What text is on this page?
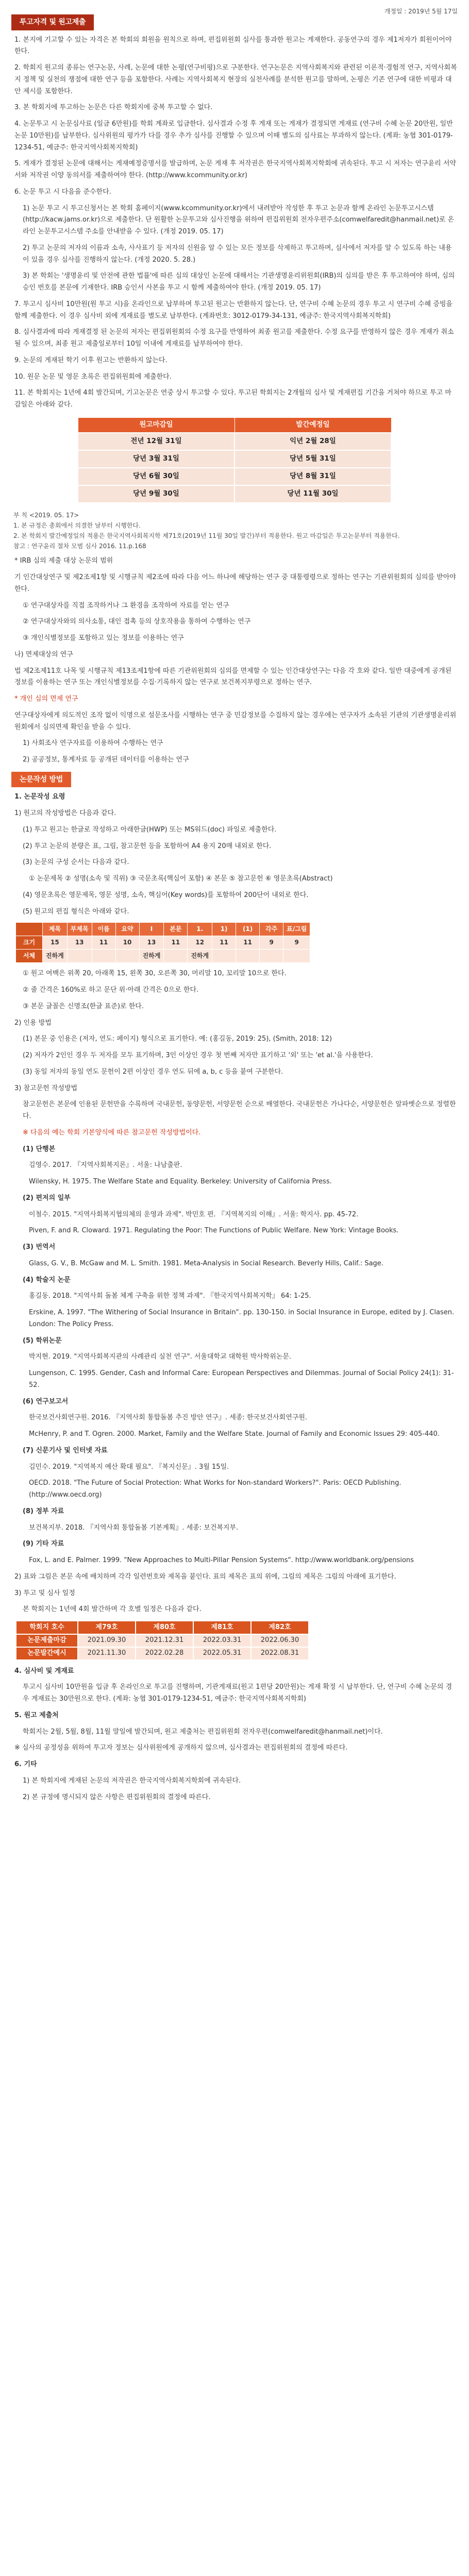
개정일 : 2019년 5월 17일
투고자격 및 원고제출
1. 본지에 기고할 수 있는 자격은 본 학회의 회원을 원칙으로 하며, 편집위원회 심사를 통과한 원고는 게재한다. 공동연구의 경우 제1저자가 회원이어야 한다.
2. 학회지 원고의 종류는 연구논문, 사례, 논문에 대한 논평(연구비평)으로 구분한다. 연구논문은 지역사회복지와 관련된 이론적·경험적 연구, 지역사회복지 정책 및 실천의 쟁점에 대한 연구 등을 포함한다. 사례는 지역사회복지 현장의 실천사례를 분석한 원고를 말하며, 논평은 기존 연구에 대한 비평과 대안 제시를 포함한다.
3. 본 학회지에 투고하는 논문은 다른 학회지에 중복 투고할 수 없다.
4. 논문투고 시 논문심사료 (일금 6만원)를 학회 계좌로 입금한다. 심사결과 수정 후 게재 또는 게재가 결정되면 게재료 (연구비 수혜 논문 20만원, 일반 논문 10만원)를 납부한다. 심사위원의 평가가 다를 경우 추가 심사를 진행할 수 있으며 이때 별도의 심사료는 부과하지 않는다. (계좌: 농협 301-0179-1234-51, 예금주: 한국지역사회복지학회)
5. 게재가 결정된 논문에 대해서는 게재예정증명서를 발급하며, 논문 게재 후 저작권은 한국지역사회복지학회에 귀속된다. 투고 시 저자는 연구윤리 서약서와 저작권 이양 동의서를 제출하여야 한다. (http://www.kcommunity.or.kr)
6. 논문 투고 시 다음을 준수한다.
1) 논문 투고 시 투고신청서는 본 학회 홈페이지(www.kcommunity.or.kr)에서 내려받아 작성한 후 투고 논문과 함께 온라인 논문투고시스템(http://kacw.jams.or.kr)으로 제출한다. 단 원활한 논문투고와 심사진행을 위하여 편집위원회 전자우편주소(comwelfaredit@hanmail.net)로 온라인 논문투고시스템 주소를 안내받을 수 있다. (개정 2019. 05. 17)
2) 투고 논문의 저자의 이름과 소속, 사사표기 등 저자의 신원을 알 수 있는 모든 정보를 삭제하고 투고하며, 심사에서 저자를 알 수 있도록 하는 내용이 있을 경우 심사를 진행하지 않는다. (개정 2020. 5. 28.)
3) 본 학회는 '생명윤리 및 안전에 관한 법률'에 따른 심의 대상인 논문에 대해서는 기관생명윤리위원회(IRB)의 심의를 받은 후 투고하여야 하며, 심의 승인 번호를 본문에 기재한다. IRB 승인서 사본을 투고 시 함께 제출하여야 한다. (개정 2019. 05. 17)
7. 투고시 심사비 10만원(원 투고 시)을 온라인으로 납부하며 투고된 원고는 반환하지 않는다. 단, 연구비 수혜 논문의 경우 투고 시 연구비 수혜 증빙을 함께 제출한다. 이 경우 심사비 외에 게재료를 별도로 납부한다. (계좌번호: 3012-0179-34-131, 예금주: 한국지역사회복지학회)
8. 심사결과에 따라 게재결정 된 논문의 저자는 편집위원회의 수정 요구를 반영하여 최종 원고를 제출한다. 수정 요구를 반영하지 않은 경우 게재가 취소될 수 있으며, 최종 원고 제출일로부터 10일 이내에 게재료를 납부하여야 한다.
9. 논문의 게재된 학기 이후 원고는 반환하지 않는다.
10. 원문 논문 및 영문 초록은 편집위원회에 제출한다.
11. 본 학회지는 1년에 4회 발간되며, 기고논문은 연중 상시 투고할 수 있다. 투고된 학회지는 2개월의 심사 및 게재편집 기간을 거쳐야 하므로 투고 마감일은 아래와 같다.
원고마감일	발간예정일
전년 12월 31일	익년 2월 28일
당년 3월 31일	당년 5월 31일
당년 6월 30일	당년 8월 31일
당년 9월 30일	당년 11월 30일
부 칙 <2019. 05. 17>
1. 본 규정은 총회에서 의결한 날부터 시행한다.
2. 본 학회지 발간예정일의 적용은 한국지역사회복지학 제71호(2019년 11월 30일 발간)부터 적용한다. 원고 마감일은 투고논문부터 적용한다.
참고 : 연구윤리 절차 모범 심사 2016. 11.p.168
* IRB 심의 제출 대상 논문의 범위
기 인간대상연구 및 제2조제1항 및 시행규칙 제2조에 따라 다음 어느 하나에 해당하는 연구 중 대통령령으로 정하는 연구는 기관위원회의 심의를 받아야 한다.
① 연구대상자를 직접 조작하거나 그 환경을 조작하여 자료를 얻는 연구
② 연구대상자와의 의사소통, 대인 접촉 등의 상호작용을 통하여 수행하는 연구
③ 개인식별정보를 포함하고 있는 정보를 이용하는 연구
나) 면제대상의 연구
법 제2조제11호 나목 및 시행규칙 제13조제1항에 따른 기관위원회의 심의를 면제할 수 있는 인간대상연구는 다음 각 호와 같다. 일반 대중에게 공개된 정보를 이용하는 연구 또는 개인식별정보를 수집·기록하지 않는 연구로 보건복지부령으로 정하는 연구.
* 개인 심의 면제 연구
연구대상자에게 의도적인 조작 없이 익명으로 설문조사를 시행하는 연구 중 민감정보를 수집하지 않는 경우에는 연구자가 소속된 기관의 기관생명윤리위원회에서 심의면제 확인을 받을 수 있다.
1) 사회조사 연구자료를 이용하여 수행하는 연구
2) 공공정보, 통계자료 등 공개된 데이터를 이용하는 연구
논문작성 방법
1. 논문작성 요령
1) 원고의 작성방법은 다음과 같다.
(1) 투고 원고는 한글로 작성하고 아래한글(HWP) 또는 MS워드(doc) 파일로 제출한다.
(2) 투고 논문의 분량은 표, 그림, 참고문헌 등을 포함하여 A4 용지 20매 내외로 한다.
(3) 논문의 구성 순서는 다음과 같다.
① 논문제목 ② 성명(소속 및 직위) ③ 국문초록(핵심어 포함) ④ 본문 ⑤ 참고문헌 ⑥ 영문초록(Abstract)
(4) 영문초록은 영문제목, 영문 성명, 소속, 핵심어(Key words)를 포함하여 200단어 내외로 한다.
(5) 원고의 편집 형식은 아래와 같다.
	제목	부제목	이름	요약	Ⅰ	본문	1.	1)	(1)	각주	표/그림
크기	15	13	11	10	13	11	12	11	11	9	9
서체	진하게				진하게		진하게				
① 원고 여백은 위쪽 20, 아래쪽 15, 왼쪽 30, 오른쪽 30, 머리말 10, 꼬리말 10으로 한다.
② 줄 간격은 160%로 하고 문단 위·아래 간격은 0으로 한다.
③ 본문 글꼴은 신명조(한글 표준)로 한다.
2) 인용 방법
(1) 본문 중 인용은 (저자, 연도: 페이지) 형식으로 표기한다. 예: (홍길동, 2019: 25), (Smith, 2018: 12)
(2) 저자가 2인인 경우 두 저자를 모두 표기하며, 3인 이상인 경우 첫 번째 저자만 표기하고 '외' 또는 'et al.'을 사용한다.
(3) 동일 저자의 동일 연도 문헌이 2편 이상인 경우 연도 뒤에 a, b, c 등을 붙여 구분한다.
3) 참고문헌 작성방법
참고문헌은 본문에 인용된 문헌만을 수록하며 국내문헌, 동양문헌, 서양문헌 순으로 배열한다. 국내문헌은 가나다순, 서양문헌은 알파벳순으로 정렬한다.
※ 다음의 예는 학회 기본양식에 따른 참고문헌 작성방법이다.
(1) 단행본
김영수. 2017. 『지역사회복지론』. 서울: 나남출판.
Wilensky, H. 1975. The Welfare State and Equality. Berkeley: University of California Press.
(2) 편저의 일부
이철수. 2015. "지역사회복지협의체의 운영과 과제". 박민호 편. 『지역복지의 이해』. 서울: 학지사. pp. 45-72.
Piven, F. and R. Cloward. 1971. Regulating the Poor: The Functions of Public Welfare. New York: Vintage Books.
(3) 번역서
Glass, G. V., B. McGaw and M. L. Smith. 1981. Meta-Analysis in Social Research. Beverly Hills, Calif.: Sage.
(4) 학술지 논문
홍길동. 2018. "지역사회 돌봄 체계 구축을 위한 정책 과제". 『한국지역사회복지학』 64: 1-25.
Erskine, A. 1997. "The Withering of Social Insurance in Britain". pp. 130-150. in Social Insurance in Europe, edited by J. Clasen. London: The Policy Press.
(5) 학위논문
박지현. 2019. "지역사회복지관의 사례관리 실천 연구". 서울대학교 대학원 박사학위논문.
Lungenson, C. 1995. Gender, Cash and Informal Care: European Perspectives and Dilemmas. Journal of Social Policy 24(1): 31-52.
(6) 연구보고서
한국보건사회연구원. 2016. 『지역사회 통합돌봄 추진 방안 연구』. 세종: 한국보건사회연구원.
McHenry, P. and T. Ogren. 2000. Market, Family and the Welfare State. Journal of Family and Economic Issues 29: 405-440.
(7) 신문기사 및 인터넷 자료
김민수. 2019. "지역복지 예산 확대 필요". 『복지신문』. 3월 15일.
OECD. 2018. "The Future of Social Protection: What Works for Non-standard Workers?". Paris: OECD Publishing. (http://www.oecd.org)
(8) 정부 자료
보건복지부. 2018. 『지역사회 통합돌봄 기본계획』. 세종: 보건복지부.
(9) 기타 자료
Fox, L. and E. Palmer. 1999. "New Approaches to Multi-Pillar Pension Systems". http://www.worldbank.org/pensions
2) 표와 그림은 본문 속에 배치하며 각각 일련번호와 제목을 붙인다. 표의 제목은 표의 위에, 그림의 제목은 그림의 아래에 표기한다.
3) 투고 및 심사 일정
본 학회지는 1년에 4회 발간하며 각 호별 일정은 다음과 같다.
학회지 호수	제79호	제80호	제81호	제82호
논문제출마감	2021.09.30	2021.12.31	2022.03.31	2022.06.30
논문발간예시	2021.11.30	2022.02.28	2022.05.31	2022.08.31
4. 심사비 및 게재료
투고시 심사비 10만원을 입금 후 온라인으로 투고를 진행하며, 기관게재료(원고 1편당 20만원)는 게재 확정 시 납부한다. 단, 연구비 수혜 논문의 경우 게재료는 30만원으로 한다. (계좌: 농협 301-0179-1234-51, 예금주: 한국지역사회복지학회)
5. 원고 제출처
학회지는 2월, 5월, 8월, 11월 말일에 발간되며, 원고 제출처는 편집위원회 전자우편(comwelfaredit@hanmail.net)이다.
※ 심사의 공정성을 위하여 투고자 정보는 심사위원에게 공개하지 않으며, 심사결과는 편집위원회의 결정에 따른다.
6. 기타
1) 본 학회지에 게재된 논문의 저작권은 한국지역사회복지학회에 귀속된다.
2) 본 규정에 명시되지 않은 사항은 편집위원회의 결정에 따른다.
